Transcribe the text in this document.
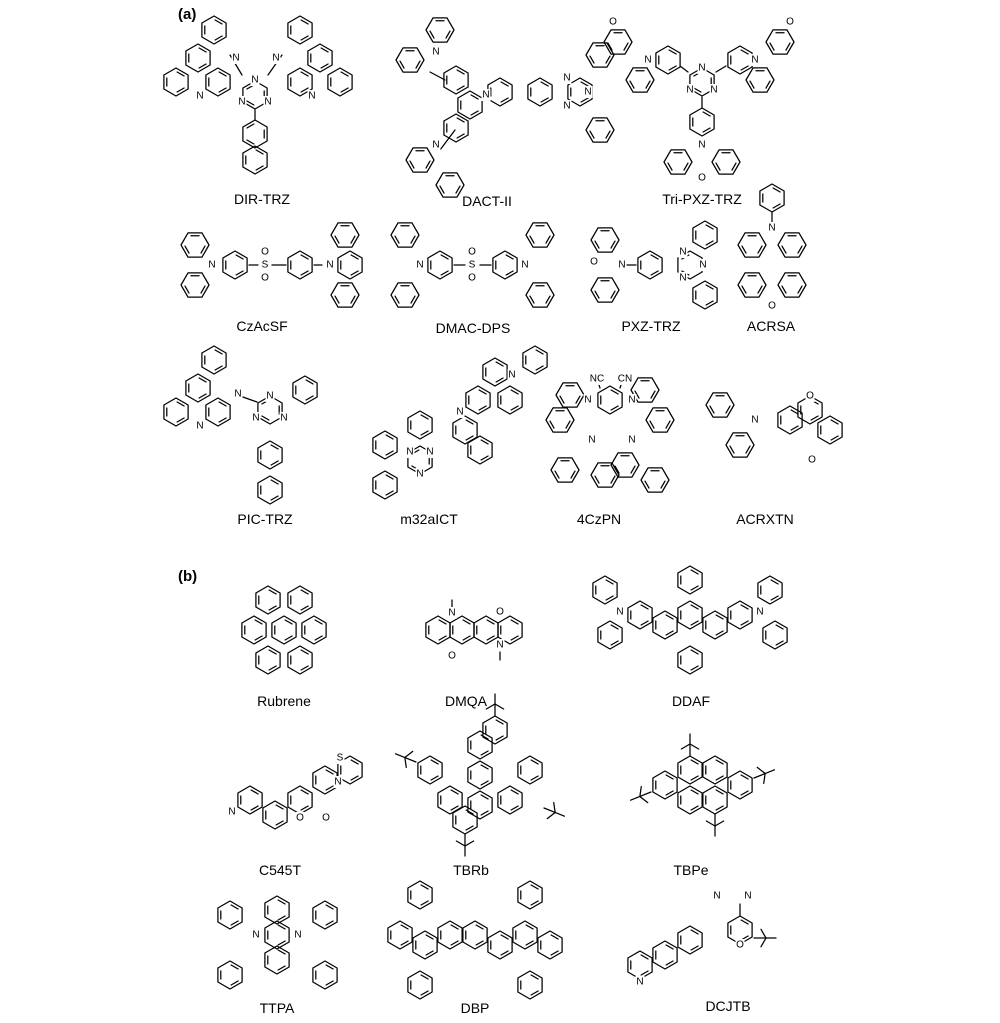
N	N
N
N N
N	N
N
N
N
N
N
N
O
N
N
N N
N
O
N
O
N	S
O
O
N	N	S
O
O
N	O N
N
N
N
N
O
N
N
N
N N
N N
N
N
N	NC CN
N	N
N	N
N
O
O
N	O
O
N
N	N
S
N
N
O O
N	N
N N
N
O
(a)
(b)
DIR-TRZ	DACT-II	Tri-PXZ-TRZ
CzAcSF	DMAC-DPS	PXZ-TRZ	ACRSA
PIC-TRZ	m32aICT	4CzPN	ACRXTN
Rubrene	DMQA	DDAF
C545T	TBRb	TBPe
TTPA	DBP	DCJTB
